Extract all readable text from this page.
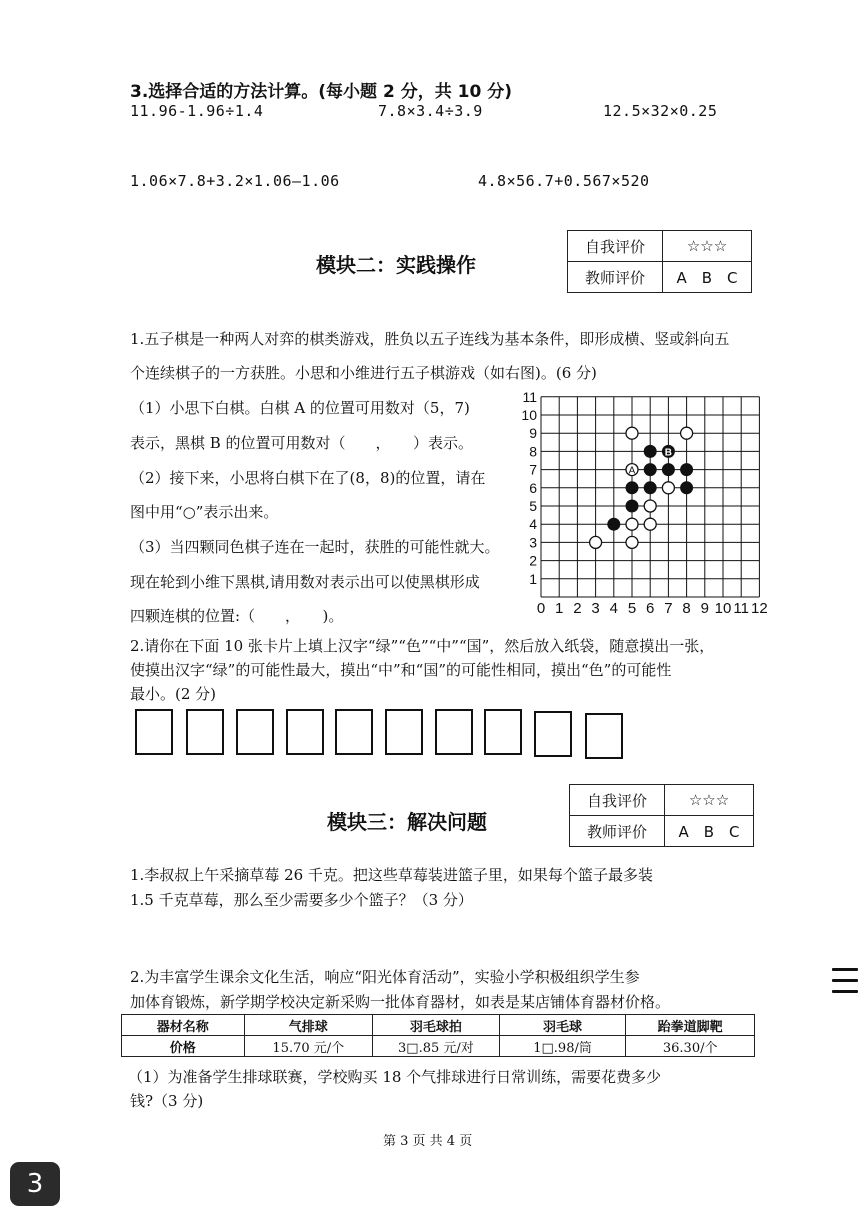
3.选择合适的方法计算。(每小题 2 分，共 10 分)
11.96-1.96÷1.4	7.8×3.4÷3.9	12.5×32×0.25
1.06×7.8+3.2×1.06—1.06	4.8×56.7+0.567×520
模块二：实践操作
自我评价	☆☆☆
教师评价	A　B　C
1.五子棋是一种两人对弈的棋类游戏，胜负以五子连线为基本条件，即形成横、竖或斜向五
个连续棋子的一方获胜。小思和小维进行五子棋游戏（如右图)。(6 分)
（1）小思下白棋。白棋 A 的位置可用数对（5，7)
表示，黑棋 B 的位置可用数对（　　，　　）表示。
（2）接下来，小思将白棋下在了(8，8)的位置，请在
图中用“○”表示出来。
（3）当四颗同色棋子连在一起时，获胜的可能性就大。
现在轮到小维下黑棋,请用数对表示出可以使黑棋形成
四颗连棋的位置:（　　，　　)。	0 1 2 3 4 5 6 7 8 9 10 11 12
1
2
3
4
5
6
7
8
9
10
11
A
B
2.请你在下面 10 张卡片上填上汉字“绿”“色”“中”“国”，然后放入纸袋，随意摸出一张，
使摸出汉字“绿”的可能性最大，摸出“中”和“国”的可能性相同，摸出“色”的可能性
最小。(2 分)
模块三：解决问题
自我评价	☆☆☆
教师评价	A　B　C
1.李叔叔上午采摘草莓 26 千克。把这些草莓装进篮子里，如果每个篮子最多装
1.5 千克草莓，那么至少需要多少个篮子？（3 分）
2.为丰富学生课余文化生活，响应“阳光体育活动”，实验小学积极组织学生参
加体育锻炼，新学期学校决定新采购一批体育器材，如表是某店铺体育器材价格。
器材名称	气排球	羽毛球拍	羽毛球	跆拳道脚靶
价格	15.70 元/个	3□.85 元/对	1□.98/筒	36.30/个
（1）为准备学生排球联赛，学校购买 18 个气排球进行日常训练，需要花费多少
钱?（3 分)
第 3 页 共 4 页
3
